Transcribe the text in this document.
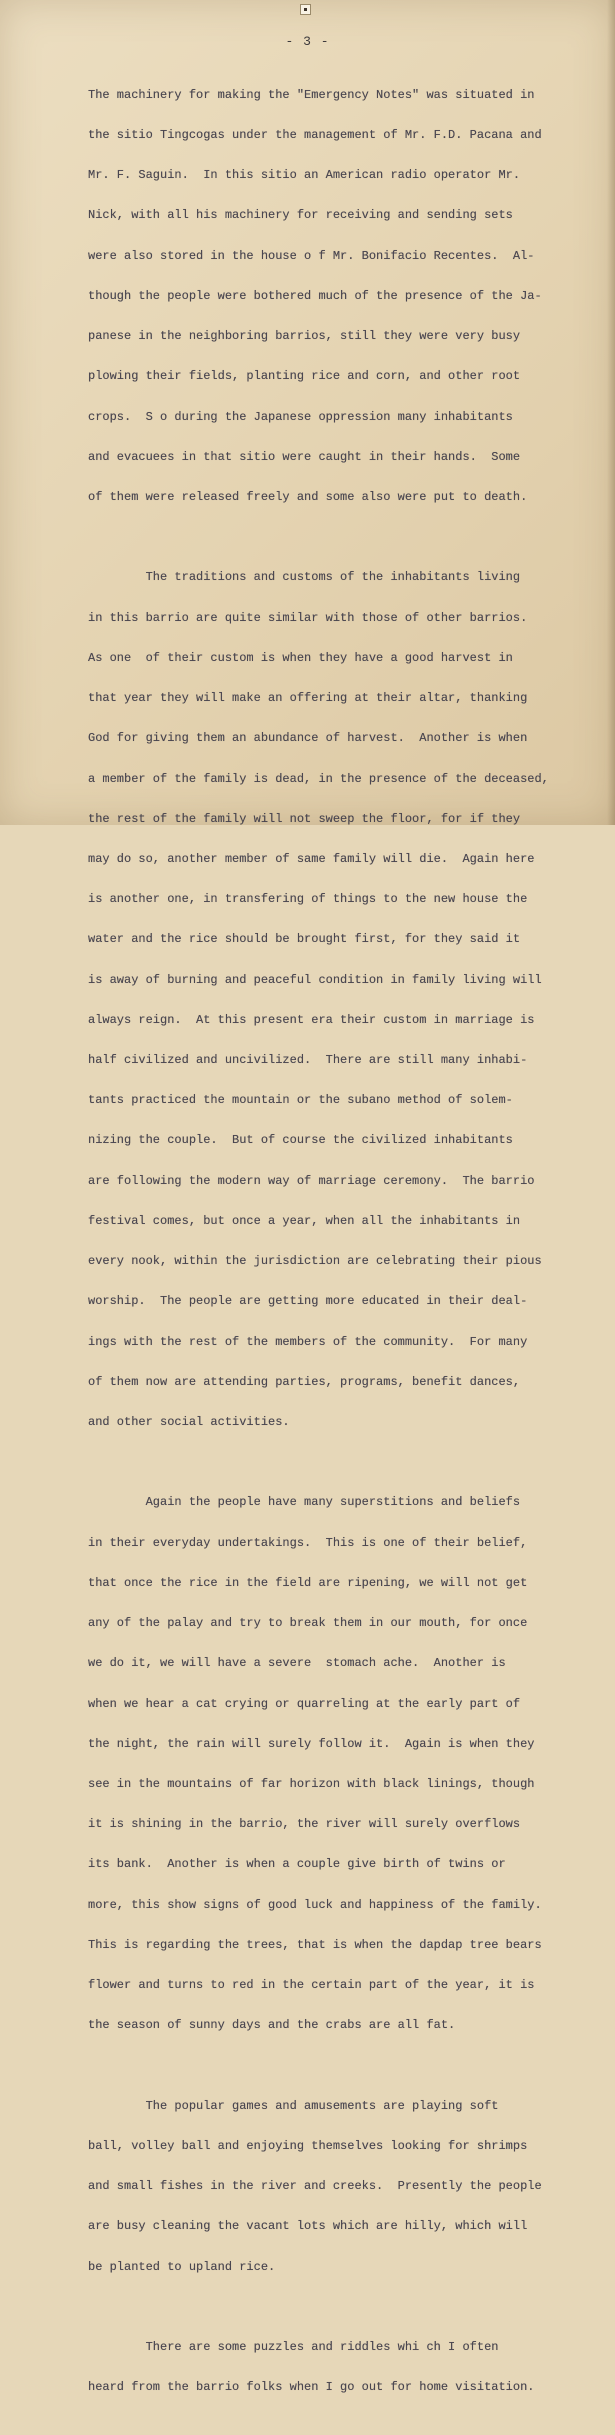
- 3 -

The machinery for making the "Emergency Notes" was situated in

the sitio Tingcogas under the management of Mr. F.D. Pacana and

Mr. F. Saguin.  In this sitio an American radio operator Mr.

Nick, with all his machinery for receiving and sending sets

were also stored in the house o f Mr. Bonifacio Recentes.  Al-

though the people were bothered much of the presence of the Ja-

panese in the neighboring barrios, still they were very busy

plowing their fields, planting rice and corn, and other root

crops.  S o during the Japanese oppression many inhabitants

and evacuees in that sitio were caught in their hands.  Some

of them were released freely and some also were put to death.

The traditions and customs of the inhabitants living

in this barrio are quite similar with those of other barrios.

As one  of their custom is when they have a good harvest in

that year they will make an offering at their altar, thanking

God for giving them an abundance of harvest.  Another is when

a member of the family is dead, in the presence of the deceased,

the rest of the family will not sweep the floor, for if they

may do so, another member of same family will die.  Again here

is another one, in transfering of things to the new house the

water and the rice should be brought first, for they said it

is away of burning and peaceful condition in family living will

always reign.  At this present era their custom in marriage is

half civilized and uncivilized.  There are still many inhabi-

tants practiced the mountain or the subano method of solem-

nizing the couple.  But of course the civilized inhabitants

are following the modern way of marriage ceremony.  The barrio

festival comes, but once a year, when all the inhabitants in

every nook, within the jurisdiction are celebrating their pious

worship.  The people are getting more educated in their deal-

ings with the rest of the members of the community.  For many

of them now are attending parties, programs, benefit dances,

and other social activities.

Again the people have many superstitions and beliefs

in their everyday undertakings.  This is one of their belief,

that once the rice in the field are ripening, we will not get

any of the palay and try to break them in our mouth, for once

we do it, we will have a severe  stomach ache.  Another is

when we hear a cat crying or quarreling at the early part of

the night, the rain will surely follow it.  Again is when they

see in the mountains of far horizon with black linings, though

it is shining in the barrio, the river will surely overflows

its bank.  Another is when a couple give birth of twins or

more, this show signs of good luck and happiness of the family.

This is regarding the trees, that is when the dapdap tree bears

flower and turns to red in the certain part of the year, it is

the season of sunny days and the crabs are all fat.

The popular games and amusements are playing soft

ball, volley ball and enjoying themselves looking for shrimps

and small fishes in the river and creeks.  Presently the people

are busy cleaning the vacant lots which are hilly, which will

be planted to upland rice.

There are some puzzles and riddles whi ch I often

heard from the barrio folks when I go out for home visitation.
